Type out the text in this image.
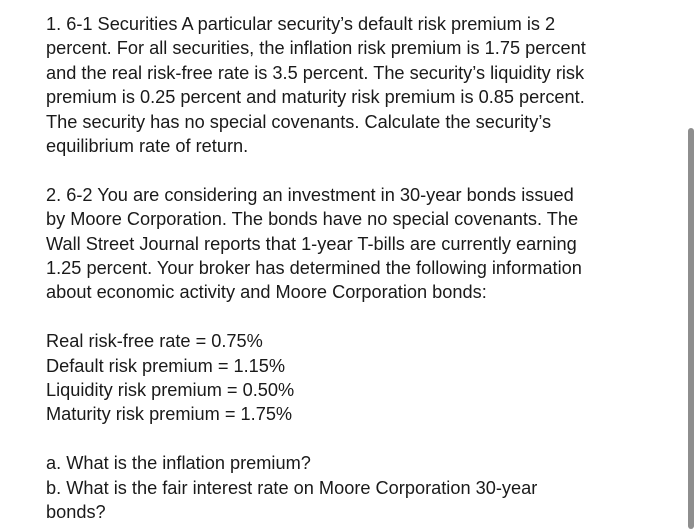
1. 6-1 Securities A particular security’s default risk premium is 2
percent. For all securities, the inflation risk premium is 1.75 percent
and the real risk-free rate is 3.5 percent. The security’s liquidity risk
premium is 0.25 percent and maturity risk premium is 0.85 percent.
The security has no special covenants. Calculate the security’s
equilibrium rate of return.
2. 6-2 You are considering an investment in 30-year bonds issued
by Moore Corporation. The bonds have no special covenants. The
Wall Street Journal reports that 1-year T-bills are currently earning
1.25 percent. Your broker has determined the following information
about economic activity and Moore Corporation bonds:
Real risk-free rate = 0.75%
Default risk premium = 1.15%
Liquidity risk premium = 0.50%
Maturity risk premium = 1.75%
a. What is the inflation premium?
b. What is the fair interest rate on Moore Corporation 30-year
bonds?
